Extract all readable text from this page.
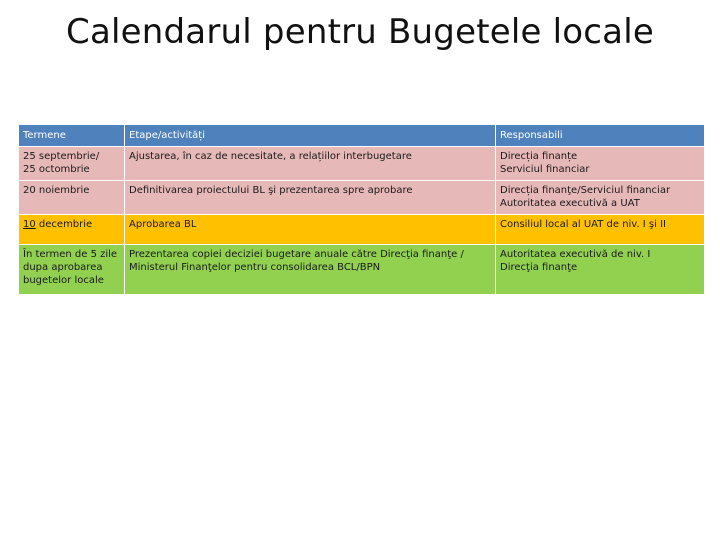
Calendarul pentru Bugetele locale
Termene	Etape/activități	Responsabili

25 septembrie/
25 octombrie	Ajustarea, în caz de necesitate, a relațiilor interbugetare	Direcția finanțe
Serviciul financiar

20 noiembrie	Definitivarea proiectului BL şi prezentarea spre aprobare	Direcția finanţe/Serviciul financiar
Autoritatea executivă a UAT

10 decembrie	Aprobarea BL	Consiliul local al UAT de niv. I şi II

În termen de 5 zile
dupa aprobarea
bugetelor locale	Prezentarea copiei deciziei bugetare anuale către Direcţia finanţe /
Ministerul Finanţelor pentru consolidarea BCL/BPN	Autoritatea executivă de niv. I
Direcţia finanţe
